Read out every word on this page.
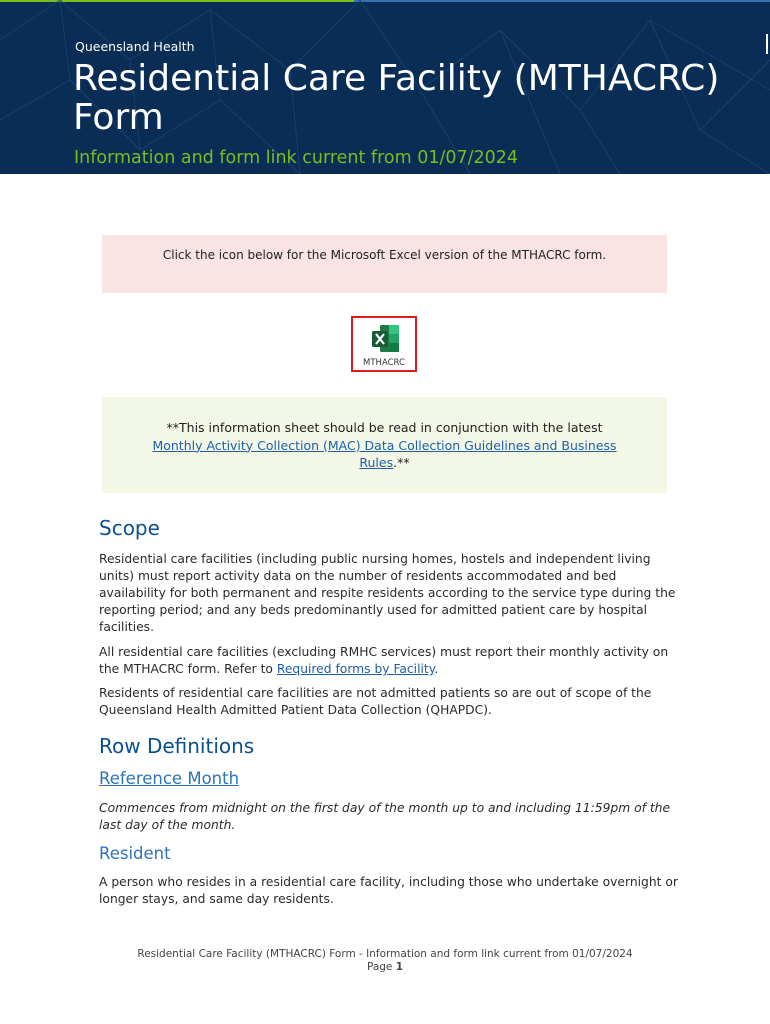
Queensland Health
Residential Care Facility (MTHACRC) Form
Information and form link current from 01/07/2024
Click the icon below for the Microsoft Excel version of the MTHACRC form.
MTHACRC
**This information sheet should be read in conjunction with the latest Monthly Activity Collection (MAC) Data Collection Guidelines and Business Rules.**
Scope
Residential care facilities (including public nursing homes, hostels and independent living units) must report activity data on the number of residents accommodated and bed availability for both permanent and respite residents according to the service type during the reporting period; and any beds predominantly used for admitted patient care by hospital facilities.
All residential care facilities (excluding RMHC services) must report their monthly activity on the MTHACRC form. Refer to Required forms by Facility.
Residents of residential care facilities are not admitted patients so are out of scope of the Queensland Health Admitted Patient Data Collection (QHAPDC).
Row Definitions
Reference Month
Commences from midnight on the first day of the month up to and including 11:59pm of the last day of the month.
Resident
A person who resides in a residential care facility, including those who undertake overnight or longer stays, and same day residents.
Residential Care Facility (MTHACRC) Form - Information and form link current from 01/07/2024
Page 1
